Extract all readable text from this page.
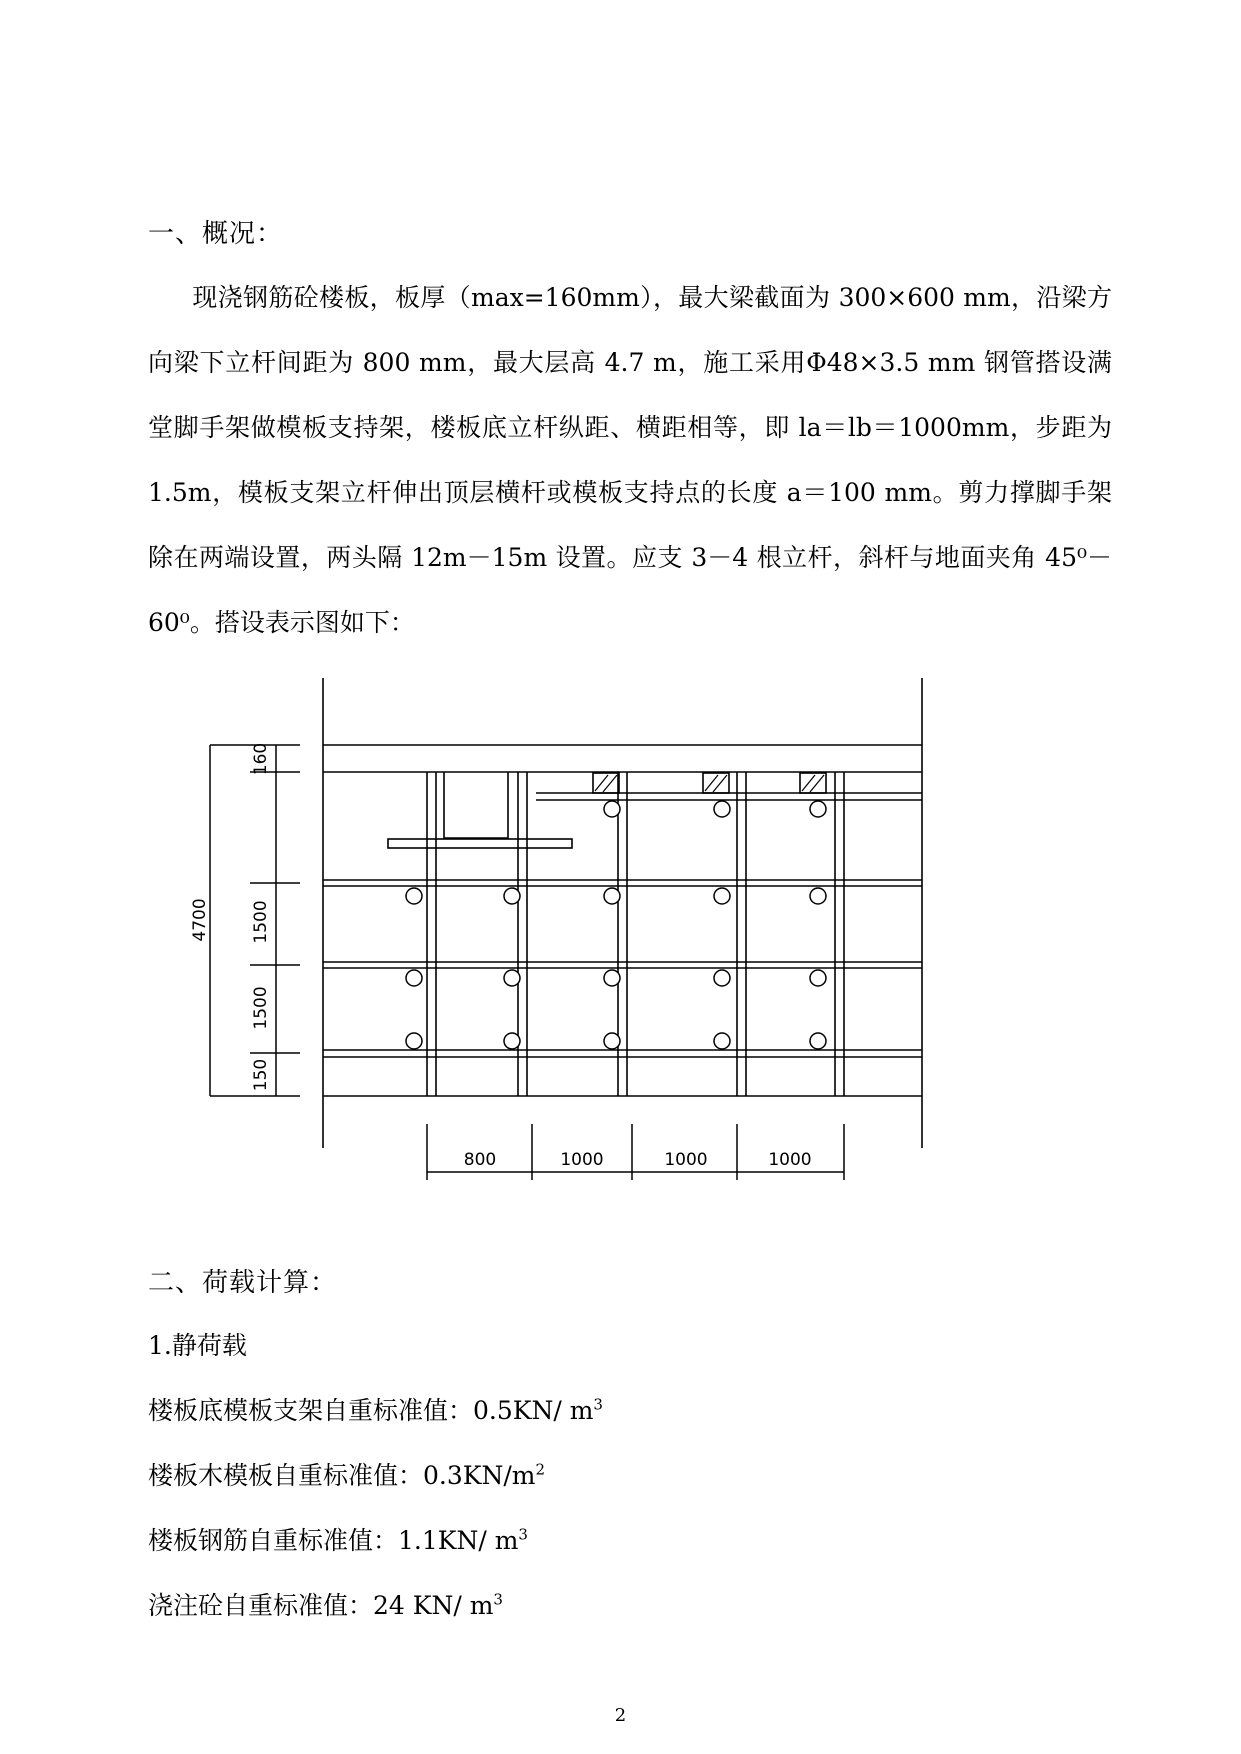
一、概况：
现浇钢筋砼楼板，板厚（max=160mm），最大梁截面为 300×600 mm，沿梁方向梁下立杆间距为 800 mm，最大层高 4.7 m，施工采用Φ48×3.5 mm 钢管搭设满堂脚手架做模板支持架，楼板底立杆纵距、横距相等，即 la＝lb＝1000mm，步距为 1.5m，模板支架立杆伸出顶层横杆或模板支持点的长度 a＝100 mm。剪力撑脚手架除在两端设置，两头隔 12m－15m 设置。应支 3－4 根立杆，斜杆与地面夹角 45⁰－60⁰。搭设表示图如下：
4700
160
1500
1500
150
800	1000	1000	1000
二、荷载计算：
1.静荷载
楼板底模板支架自重标准值：0.5KN/ $m^3$
楼板木模板自重标准值：$0.3KN/m^2$
楼板钢筋自重标准值：1.1KN/ $m^3$
浇注砼自重标准值：24 KN/ $m^3$
2
